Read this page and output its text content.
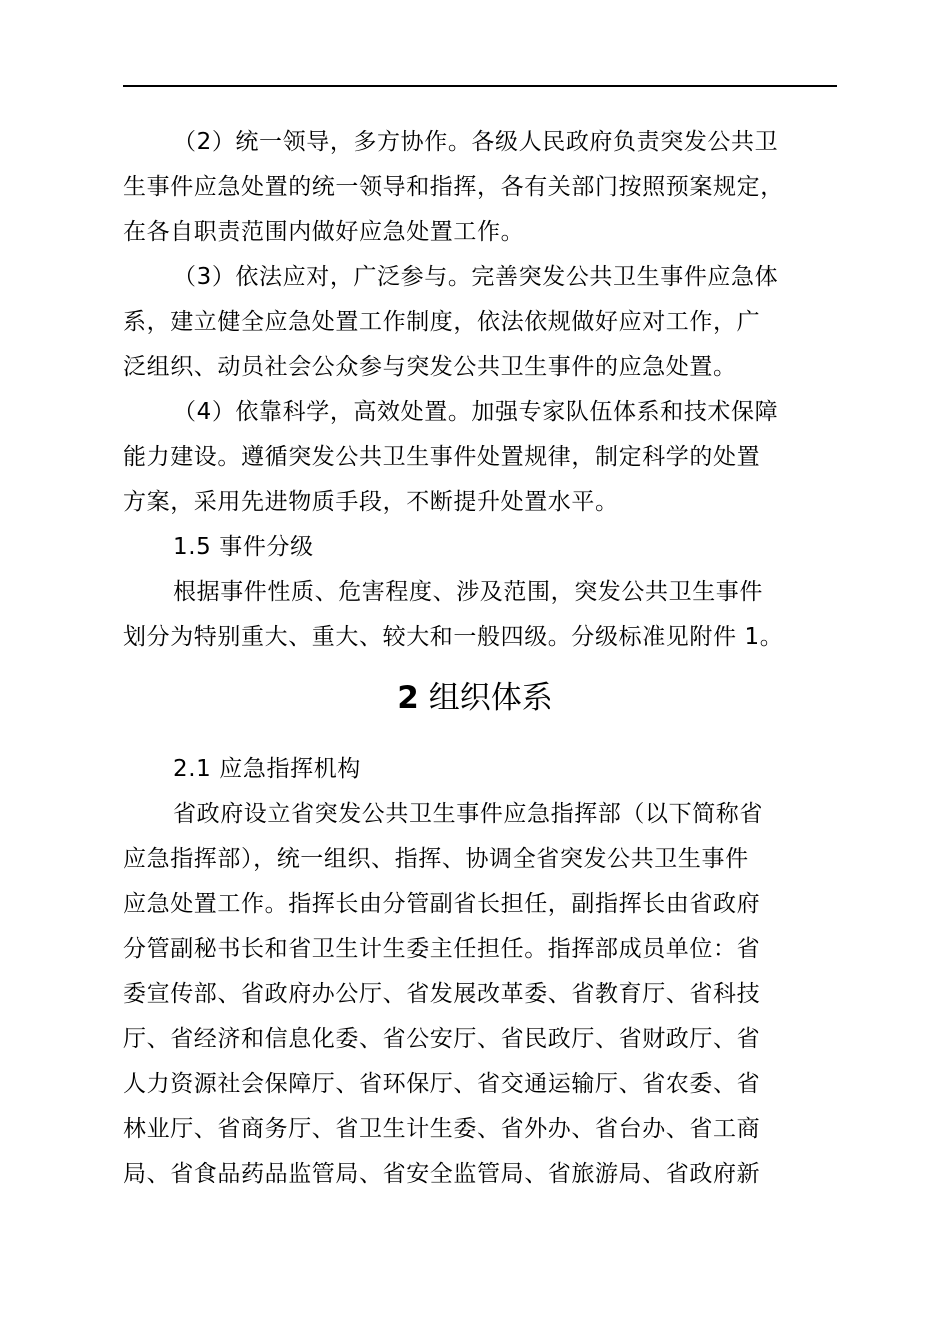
（2）统一领导，多方协作。各级人民政府负责突发公共卫
生事件应急处置的统一领导和指挥，各有关部门按照预案规定，
在各自职责范围内做好应急处置工作。
（3）依法应对，广泛参与。完善突发公共卫生事件应急体
系，建立健全应急处置工作制度，依法依规做好应对工作，广
泛组织、动员社会公众参与突发公共卫生事件的应急处置。
（4）依靠科学，高效处置。加强专家队伍体系和技术保障
能力建设。遵循突发公共卫生事件处置规律，制定科学的处置
方案，采用先进物质手段，不断提升处置水平。
1.5 事件分级
根据事件性质、危害程度、涉及范围，突发公共卫生事件
划分为特别重大、重大、较大和一般四级。分级标准见附件 1。
2 组织体系
2.1 应急指挥机构
省政府设立省突发公共卫生事件应急指挥部（以下简称省
应急指挥部），统一组织、指挥、协调全省突发公共卫生事件
应急处置工作。指挥长由分管副省长担任，副指挥长由省政府
分管副秘书长和省卫生计生委主任担任。指挥部成员单位：省
委宣传部、省政府办公厅、省发展改革委、省教育厅、省科技
厅、省经济和信息化委、省公安厅、省民政厅、省财政厅、省
人力资源社会保障厅、省环保厅、省交通运输厅、省农委、省
林业厅、省商务厅、省卫生计生委、省外办、省台办、省工商
局、省食品药品监管局、省安全监管局、省旅游局、省政府新
